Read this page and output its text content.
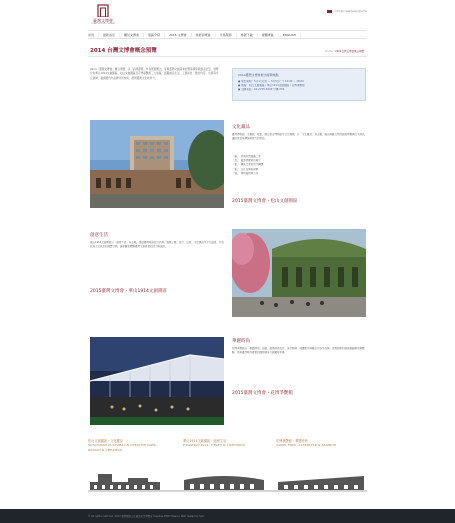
臺灣文博會
CREATIVE EXPO TAIWAN
info@creativeexpo.tw
首頁	最新消息	關於文博會	展區介紹	2015 文博會	參展商專區	交易服務	參展下載	媒體專區	ENGLISH
2014 台灣文博會概念預覽	Home / 2014台灣文博會概念預覽
2014「臺灣文博會」概念預覽，以「品牌臺灣」作為策展概念，呈現臺灣文創產業的豐富樣貌與創意能量。展覽分為華山1914文創園區、松山文創園區及花博爭艷館三大展區，涵蓋創意生活、工藝設計、數位內容、出版等多元領域，邀請國內外品牌共同參與，展現臺灣文化軟實力。
2014臺灣文博會展出時間地點
● 展出期間：5月1日(四) ~ 5月5日(一) 10:00 ~ 18:00
● 地點：松山文創園區 / 華山1914文創園區 / 花博爭艷館
● 洽詢電話：02-2745-8199 分機 239
文化藏品
臺灣博物館、文藝館、故宮、國立歷史博物館等文化機構，以「文化藏品」為主題，展出典藏文物的創意授權與衍生商品，讓民眾看見傳統與當代的對話。
「藏」：重現珍貴館藏之美
「品」：創意授權商品展示
「創」：傳統元素的當代轉譯
「新」：文化品牌新視野
「展」：博物館跨界合作
2015臺灣文博會・松山文創園區
創意生活
華山1914文創園區以「創意生活」為主軸，集結臺灣原創設計品牌，展現工藝、設計、出版、生活風格等多元創意，打造充滿人文氣息的展覽空間，讓參觀者體驗臺灣文創產業的活力與溫度。
2015臺灣文博會・華山1914文創園區
華麗時尚
花博爭艷館以「華麗時尚」為題，匯集時尚設計、流行服飾、珠寶配件與數位內容等品牌，透過創新的展場規劃與互動體驗，呈現臺灣時尚產業的國際競爭力與獨特美學。
2015臺灣文博會・花博爭艷館
松山文創園區｜文化藏品
SONGSHAN CULTURAL & CREATIVE PARK -
DESIGN & CREATION
華山1914文創園區｜創意生活
HUASHAN 1914 - CRAFT & LICENSING
花博爭艷館｜華麗時尚
TAIPEI EXPO - LIFESTYLE & FASHION
© All rights reserved. 2014 臺灣國際文化創意產業博覽會 Creative EXPO Taiwan. Web design by SLO
